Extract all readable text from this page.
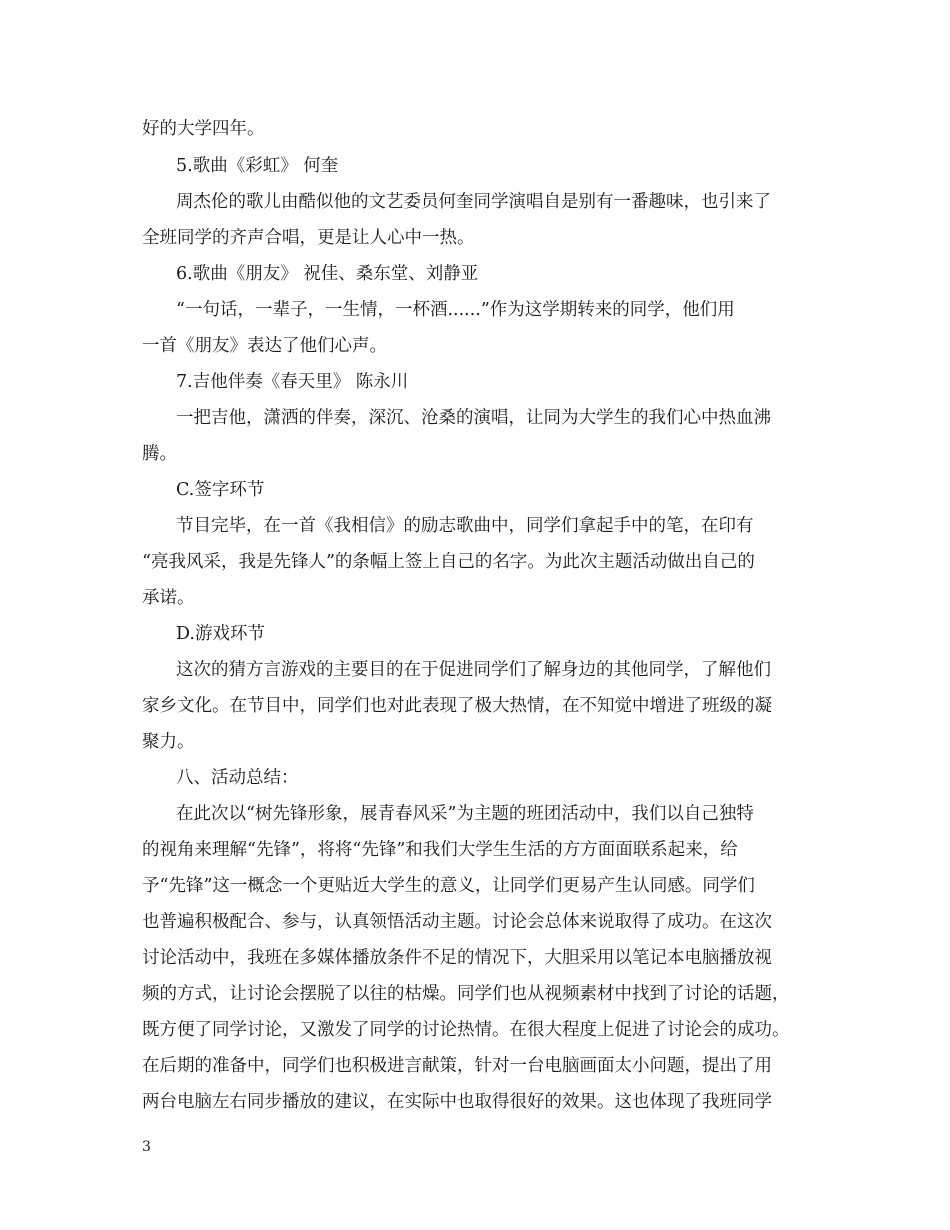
好的大学四年。
5.歌曲《彩虹》 何奎
周杰伦的歌儿由酷似他的文艺委员何奎同学演唱自是别有一番趣味，也引来了
全班同学的齐声合唱，更是让人心中一热。
6.歌曲《朋友》 祝佳、桑东堂、刘静亚
“一句话，一辈子，一生情，一杯酒......”作为这学期转来的同学，他们用
一首《朋友》表达了他们心声。
7.吉他伴奏《春天里》 陈永川
一把吉他，潇洒的伴奏，深沉、沧桑的演唱，让同为大学生的我们心中热血沸
腾。
C.签字环节
节目完毕，在一首《我相信》的励志歌曲中，同学们拿起手中的笔，在印有
“亮我风采，我是先锋人”的条幅上签上自己的名字。为此次主题活动做出自己的
承诺。
D.游戏环节
这次的猜方言游戏的主要目的在于促进同学们了解身边的其他同学，了解他们
家乡文化。在节目中，同学们也对此表现了极大热情，在不知觉中增进了班级的凝
聚力。
八、活动总结：
在此次以“树先锋形象，展青春风采”为主题的班团活动中，我们以自己独特
的视角来理解“先锋”，将将“先锋”和我们大学生生活的方方面面联系起来，给
予“先锋”这一概念一个更贴近大学生的意义，让同学们更易产生认同感。同学们
也普遍积极配合、参与，认真领悟活动主题。讨论会总体来说取得了成功。在这次
讨论活动中，我班在多媒体播放条件不足的情况下，大胆采用以笔记本电脑播放视
频的方式，让讨论会摆脱了以往的枯燥。同学们也从视频素材中找到了讨论的话题，
既方便了同学讨论，又激发了同学的讨论热情。在很大程度上促进了讨论会的成功。
在后期的准备中，同学们也积极进言献策，针对一台电脑画面太小问题，提出了用
两台电脑左右同步播放的建议，在实际中也取得很好的效果。这也体现了我班同学
3
